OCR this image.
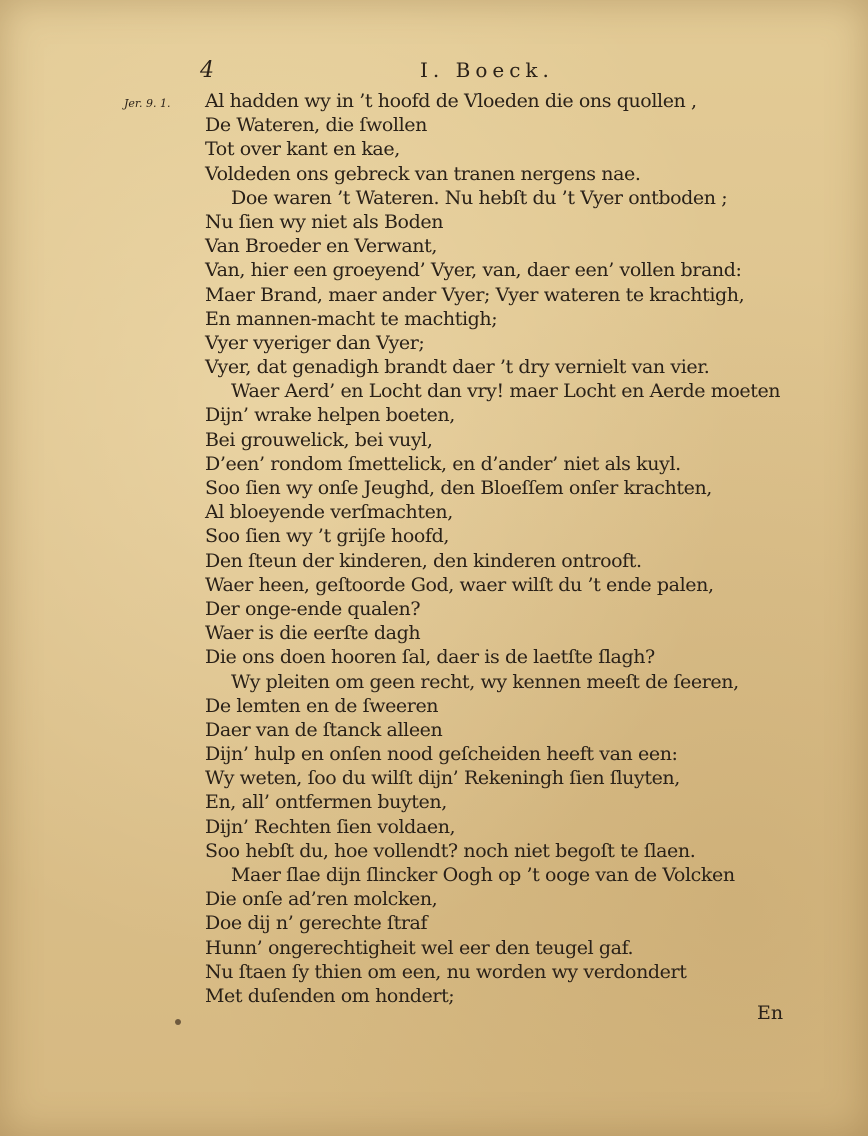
4	I. Boeck.
Jer. 9. 1. Al hadden wy in ’t hoofd de Vloeden die ons quollen ,
De Wateren, die ſwollen
Tot over kant en kae,
Voldeden ons gebreck van tranen nergens nae.
Doe waren ’t Wateren. Nu hebſt du ’t Vyer ontboden ;
Nu ſien wy niet als Boden
Van Broeder en Verwant,
Van, hier een groeyend’ Vyer, van, daer een’ vollen brand:
Maer Brand, maer ander Vyer; Vyer wateren te krachtigh,
En mannen-macht te machtigh;
Vyer vyeriger dan Vyer;
Vyer, dat genadigh brandt daer ’t dry vernielt van vier.
Waer Aerd’ en Locht dan vry! maer Locht en Aerde moeten
Dijn’ wrake helpen boeten,
Bei grouwelick, bei vuyl,
D’een’ rondom ſmettelick, en d’ander’ niet als kuyl.
Soo ſien wy onſe Jeughd, den Bloeſſem onſer krachten,
Al bloeyende verſmachten,
Soo ſien wy ’t grijſe hoofd,
Den ſteun der kinderen, den kinderen ontrooft.
Waer heen, geſtoorde God, waer wilſt du ’t ende palen,
Der onge-ende qualen?
Waer is die eerſte dagh
Die ons doen hooren ſal, daer is de laetſte ſlagh?
Wy pleiten om geen recht, wy kennen meeſt de ſeeren,
De lemten en de ſweeren
Daer van de ſtanck alleen
Dijn’ hulp en onſen nood geſcheiden heeft van een:
Wy weten, ſoo du wilſt dijn’ Rekeningh ſien ſluyten,
En, all’ ontfermen buyten,
Dijn’ Rechten ſien voldaen,
Soo hebſt du, hoe vollendt? noch niet begoſt te ſlaen.
Maer ſlae dijn ſlincker Oogh op ’t ooge van de Volcken
Die onſe ad’ren molcken,
Doe dij n’ gerechte ſtraf
Hunn’ ongerechtigheit wel eer den teugel gaf.
Nu ſtaen ſy thien om een, nu worden wy verdondert
Met duſenden om hondert;
En
